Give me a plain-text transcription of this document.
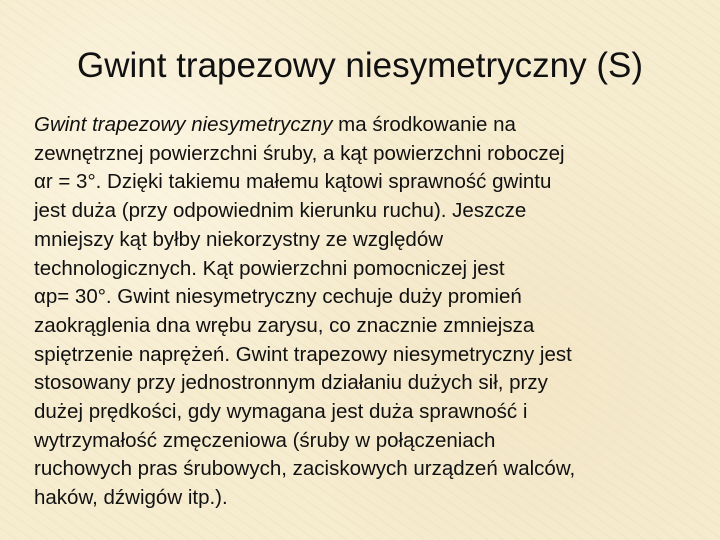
Gwint trapezowy niesymetryczny (S)

Gwint trapezowy niesymetryczny ma środkowanie na
zewnętrznej powierzchni śruby, a kąt powierzchni roboczej
αr = 3°. Dzięki takiemu małemu kątowi sprawność gwintu
jest duża (przy odpowiednim kierunku ruchu). Jeszcze
mniejszy kąt byłby niekorzystny ze względów
technologicznych. Kąt powierzchni pomocniczej jest
αp= 30°. Gwint niesymetryczny cechuje duży promień
zaokrąglenia dna wrębu zarysu, co znacznie zmniejsza
spiętrzenie naprężeń. Gwint trapezowy niesymetryczny jest
stosowany przy jednostronnym działaniu dużych sił, przy
dużej prędkości, gdy wymagana jest duża sprawność i
wytrzymałość zmęczeniowa (śruby w połączeniach
ruchowych pras śrubowych, zaciskowych urządzeń walców,
haków, dźwigów itp.).
